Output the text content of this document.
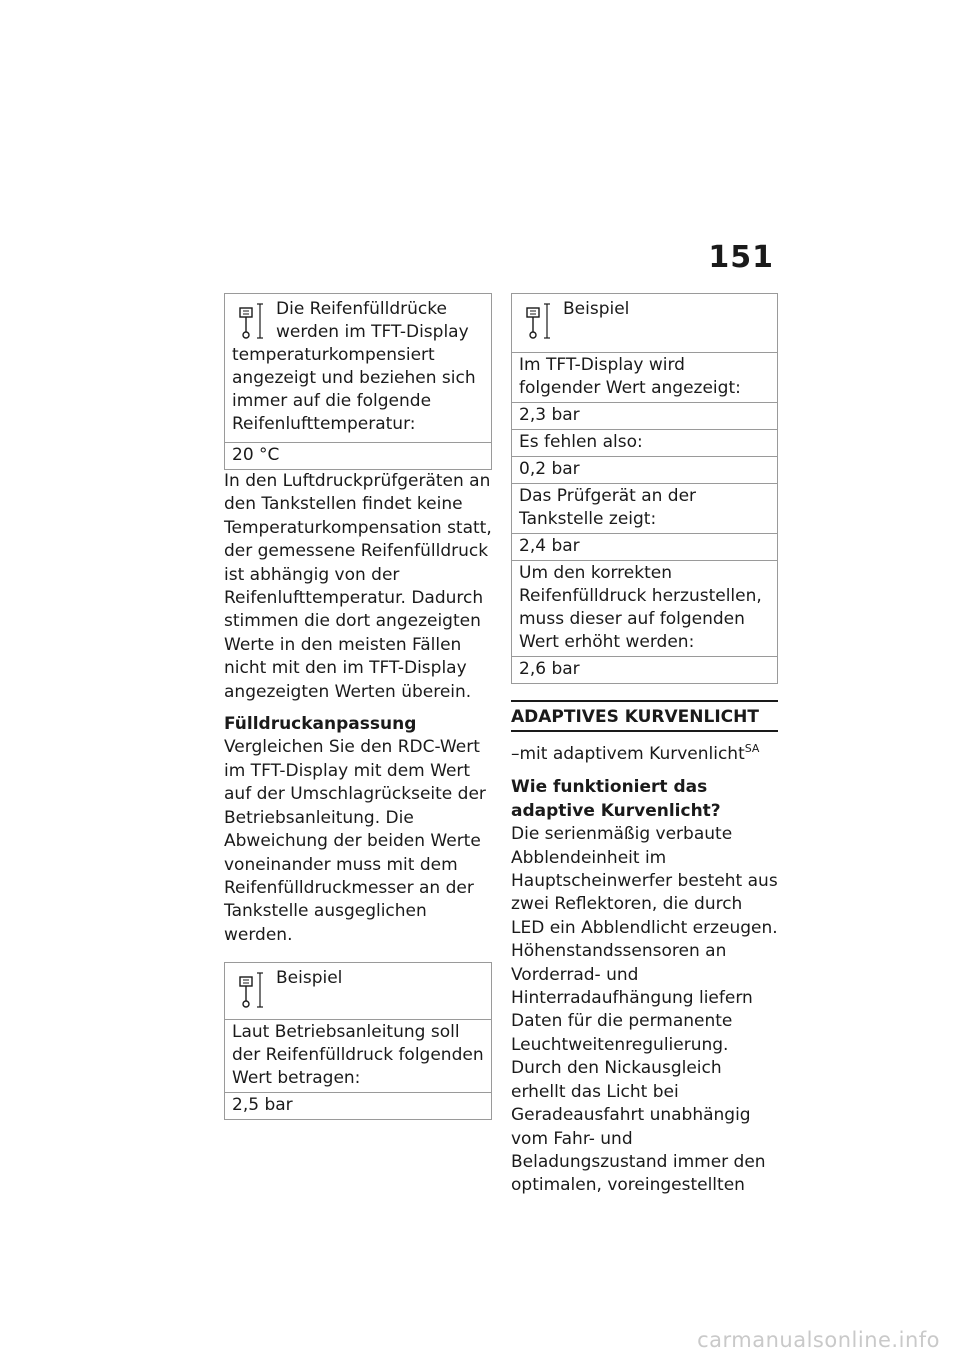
151
Die Reifenfülldrücke werden im TFT-Display temperaturkompensiert angezeigt und beziehen sich immer auf die folgende Reifenlufttemperatur:
20 °C

In den Luftdruckprüfgeräten an den Tankstellen findet keine Temperaturkompensation statt, der gemessene Reifenfülldruck ist abhängig von der Reifenlufttemperatur. Dadurch stimmen die dort angezeigten Werte in den meisten Fällen nicht mit den im TFT-Display angezeigten Werten überein.

Fülldruckanpassung

Vergleichen Sie den RDC-Wert im TFT-Display mit dem Wert auf der Umschlagrückseite der Betriebsanleitung. Die Abweichung der beiden Werte voneinander muss mit dem Reifenfülldruckmesser an der Tankstelle ausgeglichen werden.

Beispiel
Laut Betriebsanleitung soll der Reifenfülldruck folgenden Wert betragen:
2,5 bar
Beispiel
Im TFT-Display wird folgender Wert angezeigt:
2,3 bar
Es fehlen also:
0,2 bar
Das Prüfgerät an der Tankstelle zeigt:
2,4 bar
Um den korrekten Reifenfülldruck herzustellen, muss dieser auf folgenden Wert erhöht werden:
2,6 bar

ADAPTIVES KURVENLICHT

–mit adaptivem Kurvenlicht$^{SA}$

Wie funktioniert das adaptive Kurvenlicht?

Die serienmäßig verbaute Abblendeinheit im Hauptscheinwerfer besteht aus zwei Reflektoren, die durch LED ein Abblendlicht erzeugen. Höhenstandssensoren an Vorderrad- und Hinterradaufhängung liefern Daten für die permanente Leuchtweitenregulierung. Durch den Nickausgleich erhellt das Licht bei Geradeausfahrt unabhängig vom Fahr- und Beladungszustand immer den optimalen, voreingestellten

carmanualsonline.info
